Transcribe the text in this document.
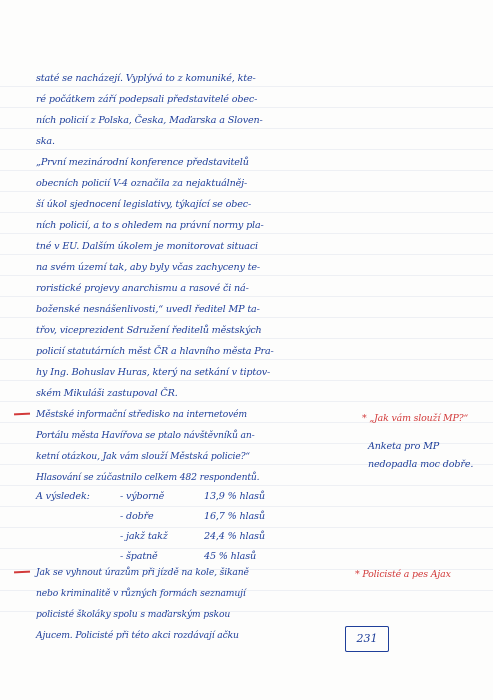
staté se nacházejí. Vyplývá to z komuniké, kte-
ré počátkem září podepsali představitelé obec-
ních policií z Polska, Česka, Maďarska a Sloven-
ska.
„První mezinárodní konference představitelů
obecních policií V-4 označila za nejaktuálněj-
ší úkol sjednocení legislativy, týkající se obec-
ních policií, a to s ohledem na právní normy pla-
tné v EU. Dalším úkolem je monitorovat situaci
na svém území tak, aby byly včas zachyceny te-
roristické projevy anarchismu a rasové či ná-
boženské nesnášenlivosti,“ uvedl ředitel MP ta-
třov, viceprezident Sdružení ředitelů městských
policií statutárních měst ČR a hlavního města Pra-
hy Ing. Bohuslav Huras, který na setkání v tiptov-
ském Mikuláši zastupoval ČR.
Městské informační středisko na internetovém
Portálu města Havířova se ptalo návštěvníků an-
ketní otázkou, Jak vám slouží Městská policie?“
Hlasování se zúčastnilo celkem 482 respondentů.
A výsledek:	- výborně	13,9 % hlasů
- dobře	16,7 % hlasů
- jakž takž	24,4 % hlasů
- špatně	45 % hlasů
Jak se vyhnout úrazům při jízdě na kole, šikaně
nebo kriminalitě v různých formách seznamují
policisté školáky spolu s maďarským pskou
Ajucem. Policisté při této akci rozdávají ačku
* „Jak vám slouží MP?“
Anketa pro MP
nedopadla moc dobře.
* Policisté a pes Ajax
231
